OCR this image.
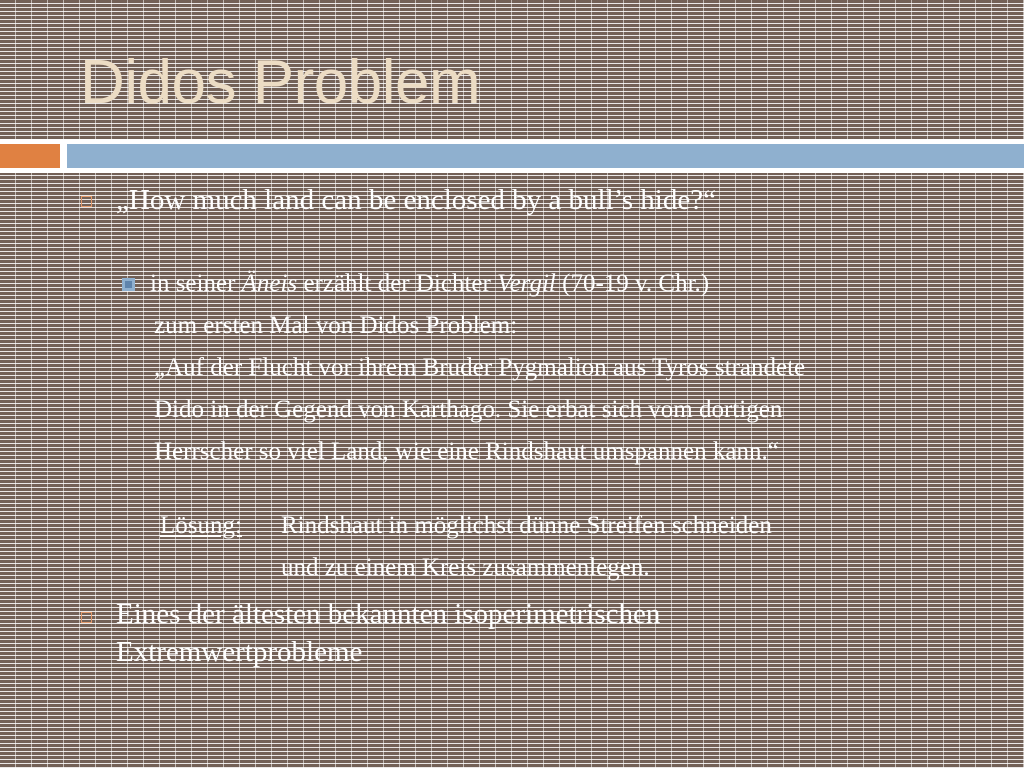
Didos Problem
„How much land can be enclosed by a bull’s hide?“
in seiner Äneis erzählt der Dichter Vergil (70-19 v. Chr.)
zum ersten Mal von Didos Problem:
„Auf der Flucht vor ihrem Bruder Pygmalion aus Tyros strandete
Dido in der Gegend von Karthago. Sie erbat sich vom dortigen
Herrscher so viel Land, wie eine Rindshaut umspannen kann.“
Lösung: Rindshaut in möglichst dünne Streifen schneiden
und zu einem Kreis zusammenlegen.
Eines der ältesten bekannten isoperimetrischen
Extremwertprobleme
